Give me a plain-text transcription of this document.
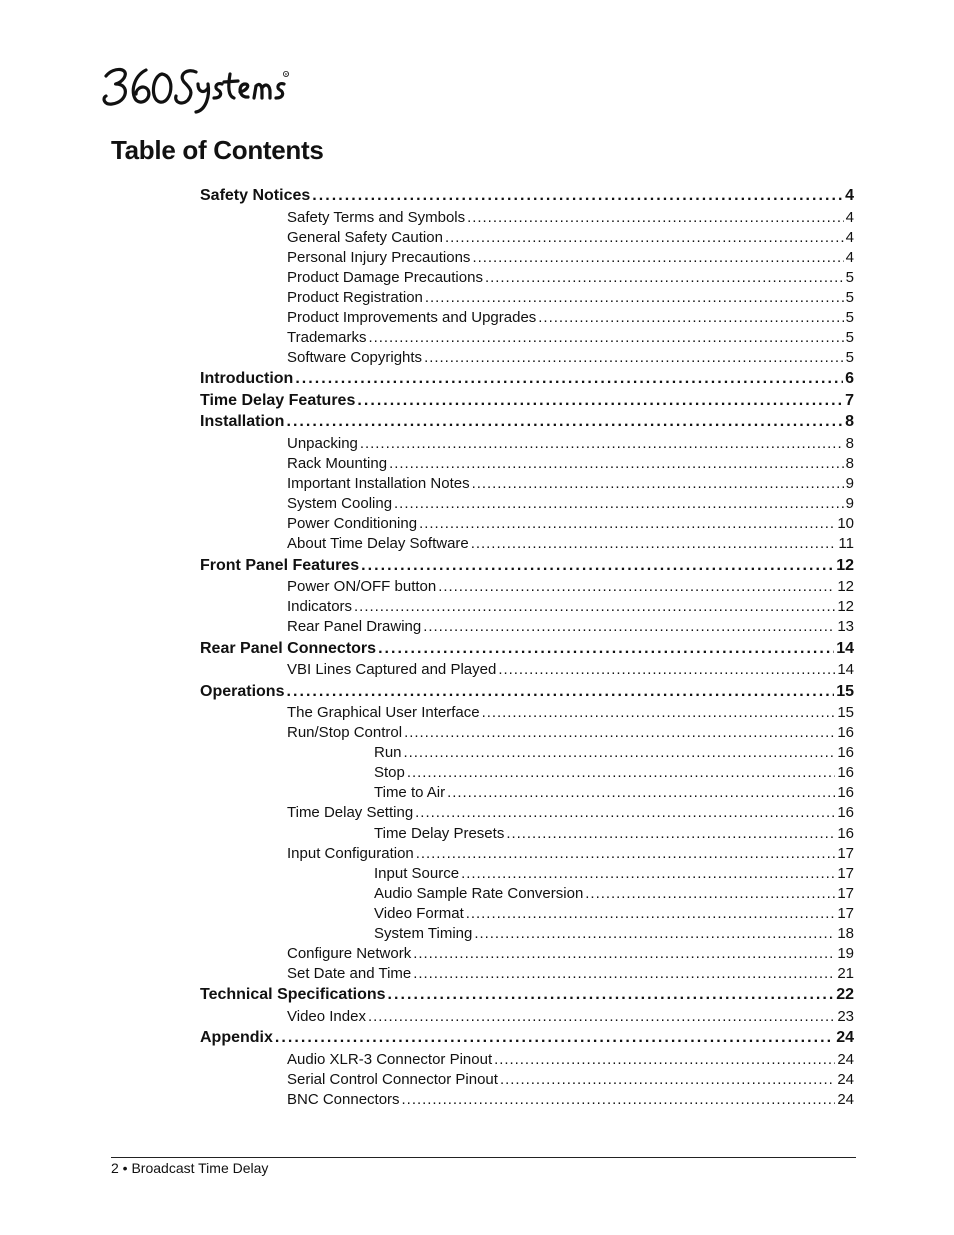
R
Table of Contents
Safety Notices . . .	4
Safety Terms and Symbols . . .	4
General Safety Caution . . .	4
Personal Injury Precautions . . .	4
Product Damage Precautions . . .	5
Product Registration . . .	5
Product Improvements and Upgrades . . .	5
Trademarks . . .	5
Software Copyrights . . .	5
Introduction . . .	6
Time Delay Features . . .	7
Installation . . .	8
Unpacking . . .	8
Rack Mounting . . .	8
Important Installation Notes . . .	9
System Cooling . . .	9
Power Conditioning . . .	10
About Time Delay Software . . .	11
Front Panel Features . . .	12
Power ON/OFF button . . .	12
Indicators . . .	12
Rear Panel Drawing . . .	13
Rear Panel Connectors . . .	14
VBI Lines Captured and Played . . .	14
Operations . . .	15
The Graphical User Interface . . .	15
Run/Stop Control . . .	16
Run . . .	16
Stop . . .	16
Time to Air . . .	16
Time Delay Setting . . .	16
Time Delay Presets . . .	16
Input Configuration . . .	17
Input Source . . .	17
Audio Sample Rate Conversion . . .	17
Video Format . . .	17
System Timing . . .	18
Configure Network . . .	19
Set Date and Time . . .	21
Technical Specifications . . .	22
Video Index . . .	23
Appendix . . .	24
Audio XLR-3 Connector Pinout . . .	24
Serial Control Connector Pinout . . .	24
BNC Connectors . . .	24
2 • Broadcast Time Delay
